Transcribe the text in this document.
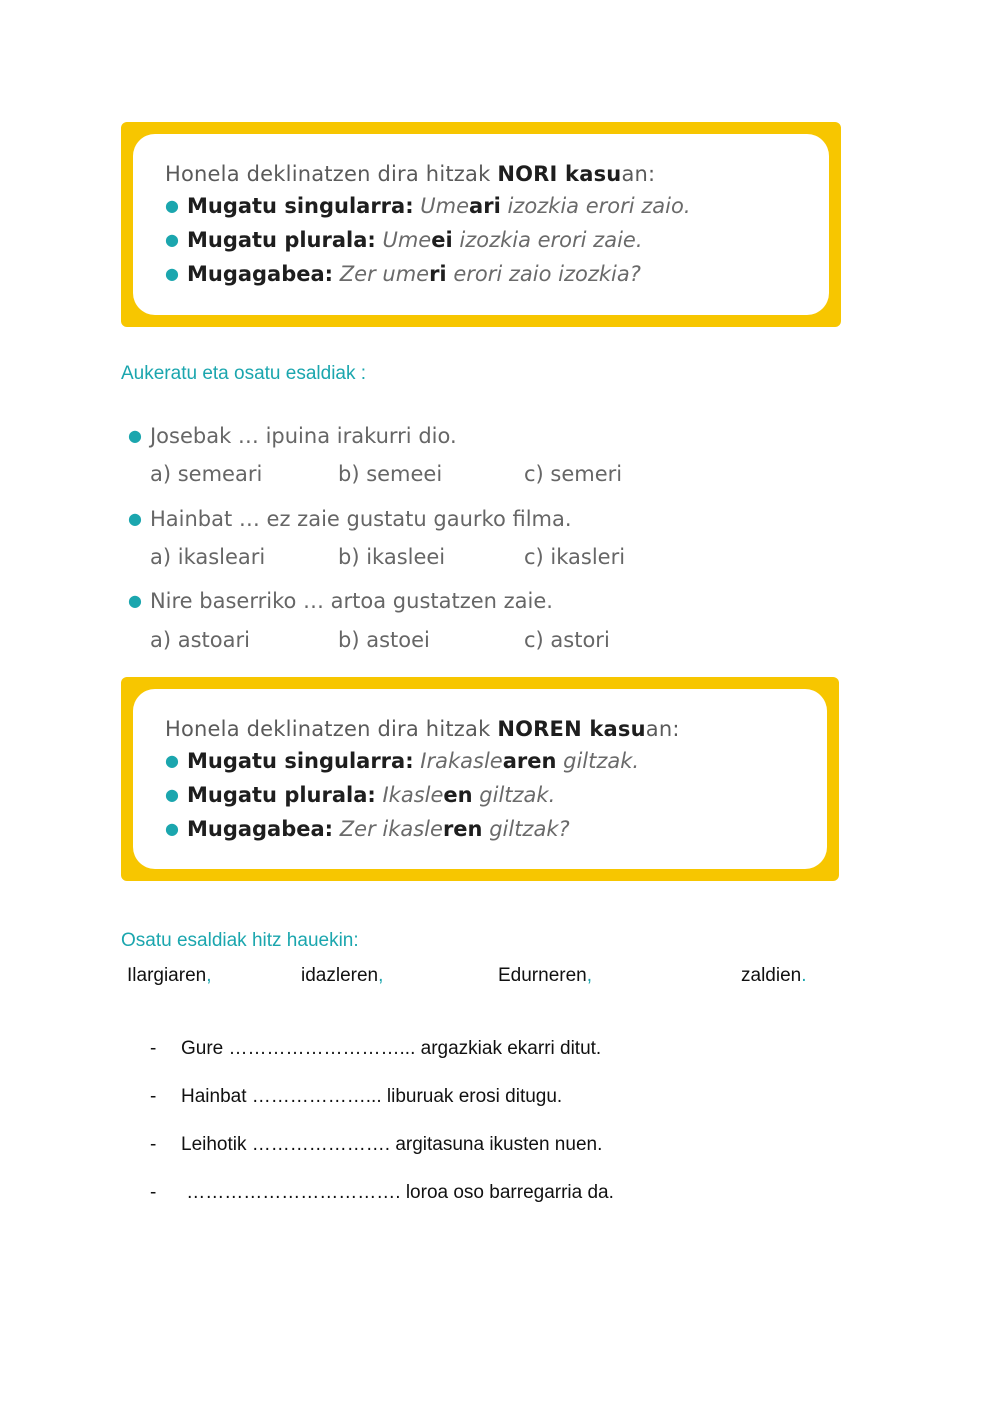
Honela deklinatzen dira hitzak NORI kasuan:
● Mugatu singularra: Umeari izozkia erori zaio.
● Mugatu plurala: Umeei izozkia erori zaie.
● Mugagabea: Zer umeri erori zaio izozkia?
Aukeratu eta osatu esaldiak :
● Josebak … ipuina irakurri dio.
a) semeari	b) semeei	c) semeri
● Hainbat … ez zaie gustatu gaurko filma.
a) ikasleari	b) ikasleei	c) ikasleri
● Nire baserriko … artoa gustatzen zaie.
a) astoari	b) astoei	c) astori
Honela deklinatzen dira hitzak NOREN kasuan:
● Mugatu singularra: Irakaslearen giltzak.
● Mugatu plurala: Ikasleen giltzak.
● Mugagabea: Zer ikasleren giltzak?
Osatu esaldiak hitz hauekin:
Ilargiaren,	idazleren,	Edurneren,	zaldien.
- Gure ………………………... argazkiak ekarri ditut.
- Hainbat ………………... liburuak erosi ditugu.
- Leihotik …………………. argitasuna ikusten nuen.
- ……………………………. loroa oso barregarria da.
